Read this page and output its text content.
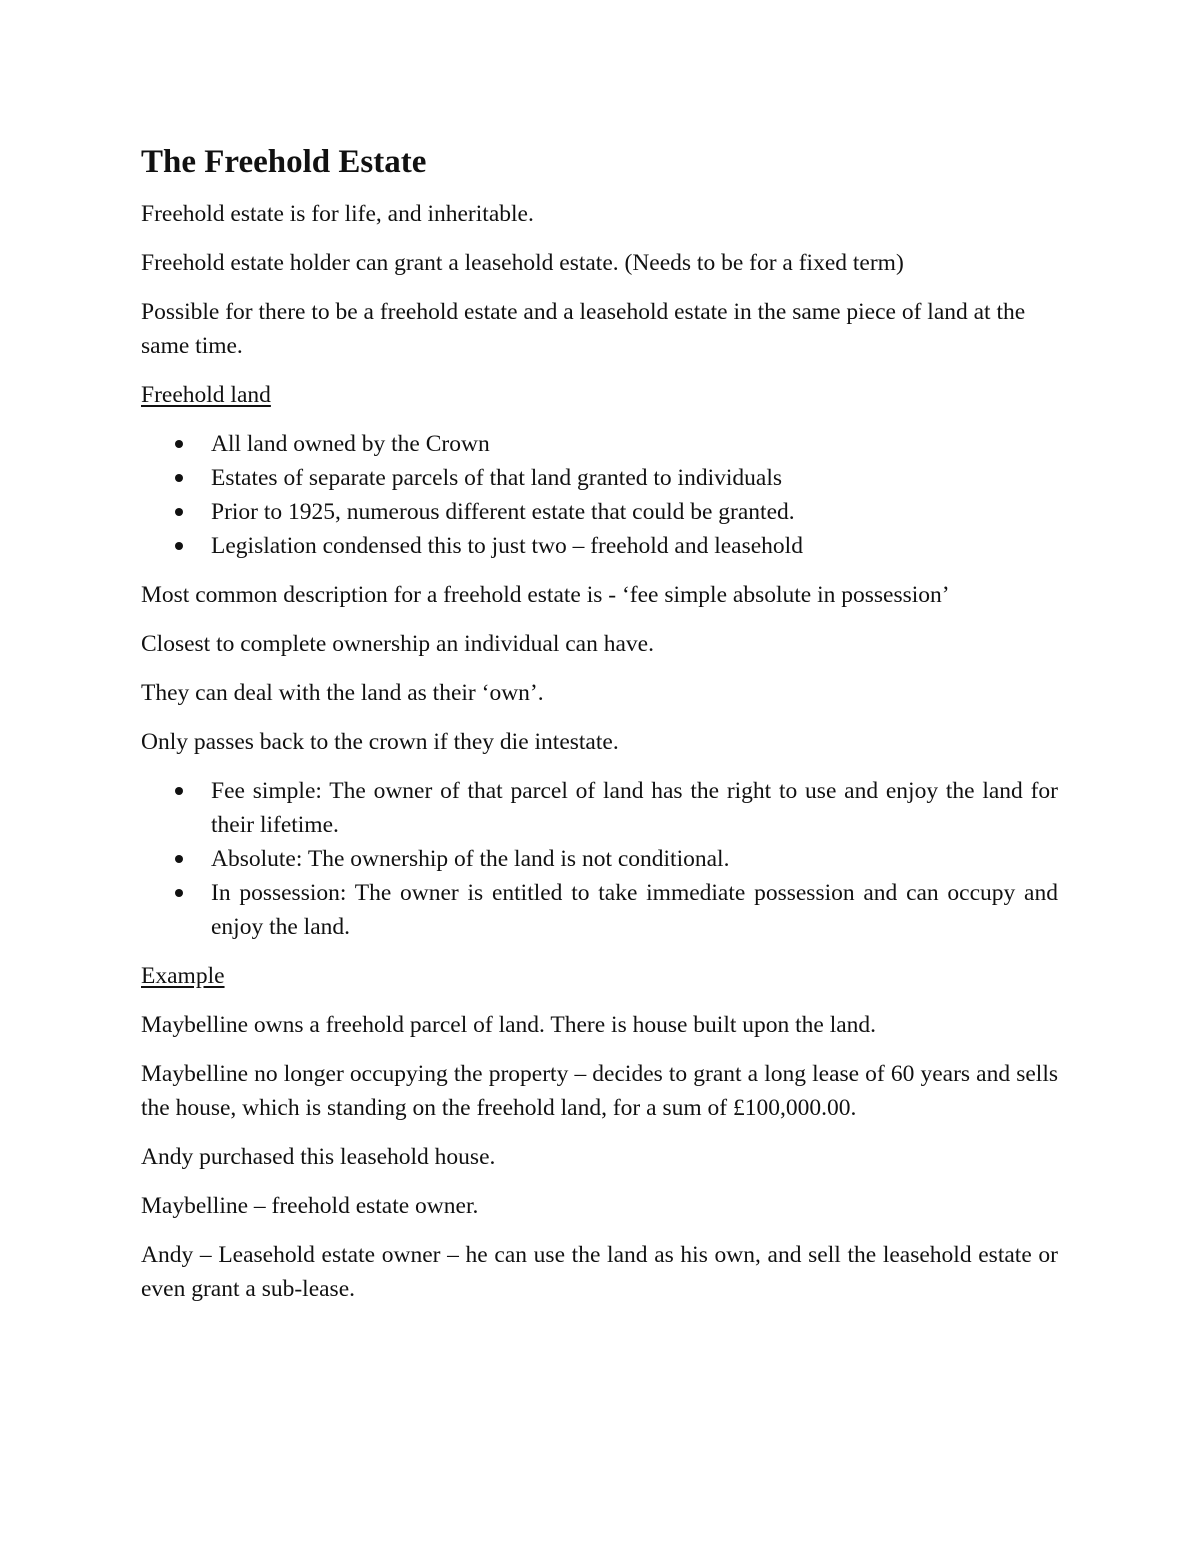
The Freehold Estate

Freehold estate is for life, and inheritable.

Freehold estate holder can grant a leasehold estate. (Needs to be for a fixed term)

Possible for there to be a freehold estate and a leasehold estate in the same piece of land at the same time.

Freehold land

All land owned by the Crown
Estates of separate parcels of that land granted to individuals
Prior to 1925, numerous different estate that could be granted.
Legislation condensed this to just two – freehold and leasehold

Most common description for a freehold estate is - ‘fee simple absolute in possession’

Closest to complete ownership an individual can have.

They can deal with the land as their ‘own’.

Only passes back to the crown if they die intestate.

Fee simple: The owner of that parcel of land has the right to use and enjoy the land for their lifetime.
Absolute: The ownership of the land is not conditional.
In possession: The owner is entitled to take immediate possession and can occupy and enjoy the land.

Example

Maybelline owns a freehold parcel of land. There is house built upon the land.

Maybelline no longer occupying the property – decides to grant a long lease of 60 years and sells the house, which is standing on the freehold land, for a sum of £100,000.00.

Andy purchased this leasehold house.

Maybelline – freehold estate owner.

Andy – Leasehold estate owner – he can use the land as his own, and sell the leasehold estate or even grant a sub-lease.
